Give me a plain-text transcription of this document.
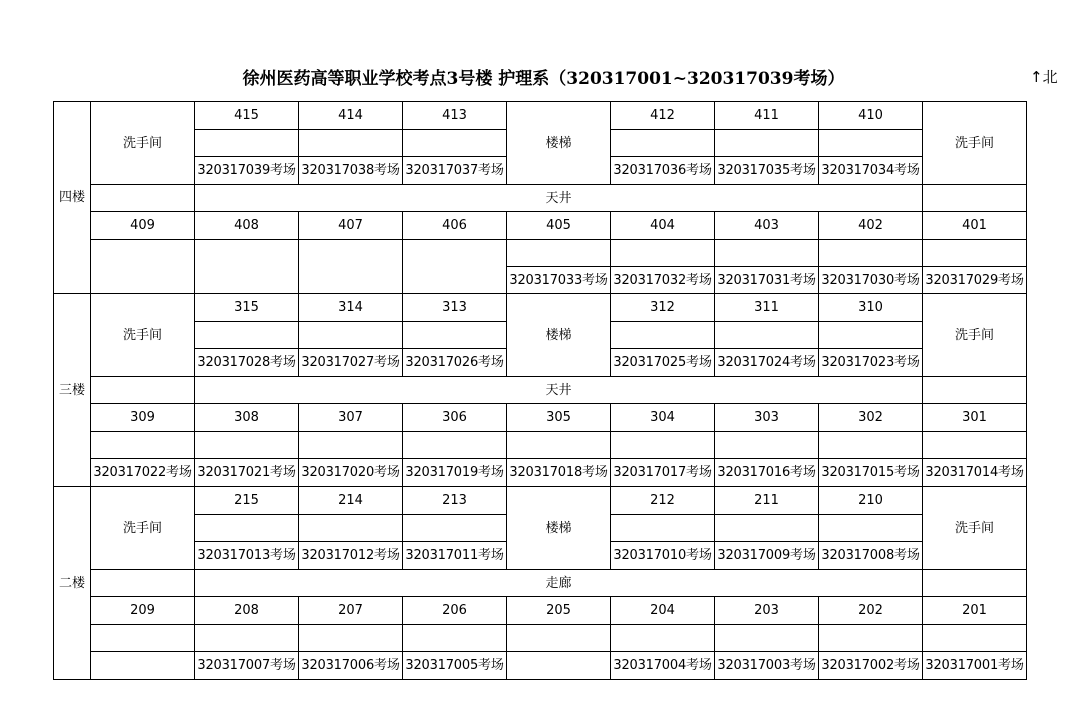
徐州医药高等职业学校考点3号楼 护理系（320317001~320317039考场）	↑北
四楼	洗手间	415	414	413	楼梯	412	411	410	洗手间

		320317039考场	320317038考场	320317037考场		320317036考场	320317035考场	320317034考场	
		天井							
	409	408	407	406	405	404	403	402	401

					320317033考场	320317032考场	320317031考场	320317030考场	320317029考场
三楼	洗手间	315	314	313	楼梯	312	311	310	洗手间

		320317028考场	320317027考场	320317026考场		320317025考场	320317024考场	320317023考场	
		天井							
	309	308	307	306	305	304	303	302	301

	320317022考场	320317021考场	320317020考场	320317019考场	320317018考场	320317017考场	320317016考场	320317015考场	320317014考场
二楼	洗手间	215	214	213	楼梯	212	211	210	洗手间

		320317013考场	320317012考场	320317011考场		320317010考场	320317009考场	320317008考场	
		走廊							
	209	208	207	206	205	204	203	202	201

		320317007考场	320317006考场	320317005考场		320317004考场	320317003考场	320317002考场	320317001考场
